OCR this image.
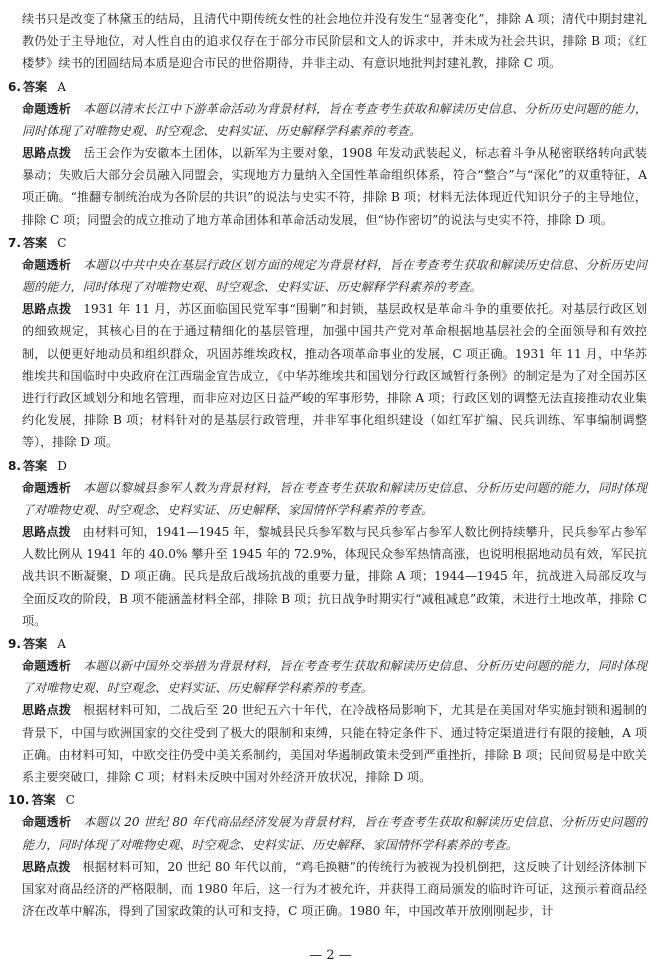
续书只是改变了林黛玉的结局，且清代中期传统女性的社会地位并没有发生“显著变化”，排除 A 项；清代中期封建礼教仍处于主导地位，对人性自由的追求仅存在于部分市民阶层和文人的诉求中，并未成为社会共识，排除 B 项；《红楼梦》续书的团圆结局本质是迎合市民的世俗期待，并非主动、有意识地批判封建礼教，排除 C 项。

6. 答案 A

命题透析 本题以清末长江中下游革命活动为背景材料，旨在考查考生获取和解读历史信息、分析历史问题的能力，同时体现了对唯物史观、时空观念、史料实证、历史解释学科素养的考查。

思路点拨 岳王会作为安徽本土团体，以新军为主要对象，1908 年发动武装起义，标志着斗争从秘密联络转向武装暴动；失败后大部分会员融入同盟会，实现地方力量纳入全国性革命组织体系，符合“整合”与“深化”的双重特征，A 项正确。“推翻专制统治成为各阶层的共识”的说法与史实不符，排除 B 项；材料无法体现近代知识分子的主导地位，排除 C 项；同盟会的成立推动了地方革命团体和革命活动发展，但“协作密切”的说法与史实不符，排除 D 项。

7. 答案 C

命题透析 本题以中共中央在基层行政区划方面的规定为背景材料，旨在考查考生获取和解读历史信息、分析历史问题的能力，同时体现了对唯物史观、时空观念、史料实证、历史解释学科素养的考查。

思路点拨 1931 年 11 月，苏区面临国民党军事“围剿”和封锁，基层政权是革命斗争的重要依托。对基层行政区划的细致规定，其核心目的在于通过精细化的基层管理，加强中国共产党对革命根据地基层社会的全面领导和有效控制，以便更好地动员和组织群众，巩固苏维埃政权，推动各项革命事业的发展，C 项正确。1931 年 11 月，中华苏维埃共和国临时中央政府在江西瑞金宣告成立，《中华苏维埃共和国划分行政区域暂行条例》的制定是为了对全国苏区进行行政区域划分和地名管理，而非应对边区日益严峻的军事形势，排除 A 项；行政区划的调整无法直接推动农业集约化发展，排除 B 项；材料针对的是基层行政管理，并非军事化组织建设（如红军扩编、民兵训练、军事编制调整等），排除 D 项。

8. 答案 D

命题透析 本题以黎城县参军人数为背景材料，旨在考查考生获取和解读历史信息、分析历史问题的能力，同时体现了对唯物史观、时空观念、史料实证、历史解释、家国情怀学科素养的考查。

思路点拨 由材料可知，1941—1945 年，黎城县民兵参军数与民兵参军占参军人数比例持续攀升，民兵参军占参军人数比例从 1941 年的 40.0% 攀升至 1945 年的 72.9%，体现民众参军热情高涨，也说明根据地动员有效，军民抗战共识不断凝聚，D 项正确。民兵是敌后战场抗战的重要力量，排除 A 项；1944—1945 年，抗战进入局部反攻与全面反攻的阶段，B 项不能涵盖材料全部，排除 B 项；抗日战争时期实行“减租减息”政策，未进行土地改革，排除 C 项。

9. 答案 A

命题透析 本题以新中国外交举措为背景材料，旨在考查考生获取和解读历史信息、分析历史问题的能力，同时体现了对唯物史观、时空观念、史料实证、历史解释学科素养的考查。

思路点拨 根据材料可知，二战后至 20 世纪五六十年代，在冷战格局影响下，尤其是在美国对华实施封锁和遏制的背景下，中国与欧洲国家的交往受到了极大的限制和束缚，只能在特定条件下、通过特定渠道进行有限的接触，A 项正确。由材料可知，中欧交往仍受中美关系制约，美国对华遏制政策未受到严重挫折，排除 B 项；民间贸易是中欧关系主要突破口，排除 C 项；材料未反映中国对外经济开放状况，排除 D 项。

10. 答案 C

命题透析 本题以 20 世纪 80 年代商品经济发展为背景材料，旨在考查考生获取和解读历史信息、分析历史问题的能力，同时体现了对唯物史观、时空观念、史料实证、历史解释、家国情怀学科素养的考查。

思路点拨 根据材料可知，20 世纪 80 年代以前，“鸡毛换糖”的传统行为被视为投机倒把，这反映了计划经济体制下国家对商品经济的严格限制，而 1980 年后，这一行为才被允许，并获得工商局颁发的临时许可证，这预示着商品经济在改革中解冻，得到了国家政策的认可和支持，C 项正确。1980 年，中国改革开放刚刚起步，计

— 2 —
